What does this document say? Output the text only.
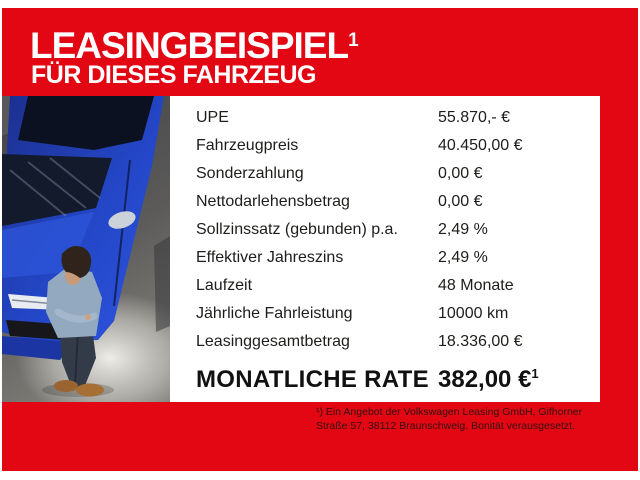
LEASINGBEISPIEL$^1$
FÜR DIESES FAHRZEUG
UPE	55.870,- €
Fahrzeugpreis	40.450,00 €
Sonderzahlung	0,00 €
Nettodarlehensbetrag	0,00 €
Sollzinssatz (gebunden) p.a.	2,49 %
Effektiver Jahreszins	2,49 %
Laufzeit	48 Monate
Jährliche Fahrleistung	10000 km
Leasinggesamtbetrag	18.336,00 €
MONATLICHE RATE 382,00 €$^1$
¹) Ein Angebot der Volkswagen Leasing GmbH, Gifhorner
Straße 57, 38112 Braunschweig. Bonität verausgesetzt.
